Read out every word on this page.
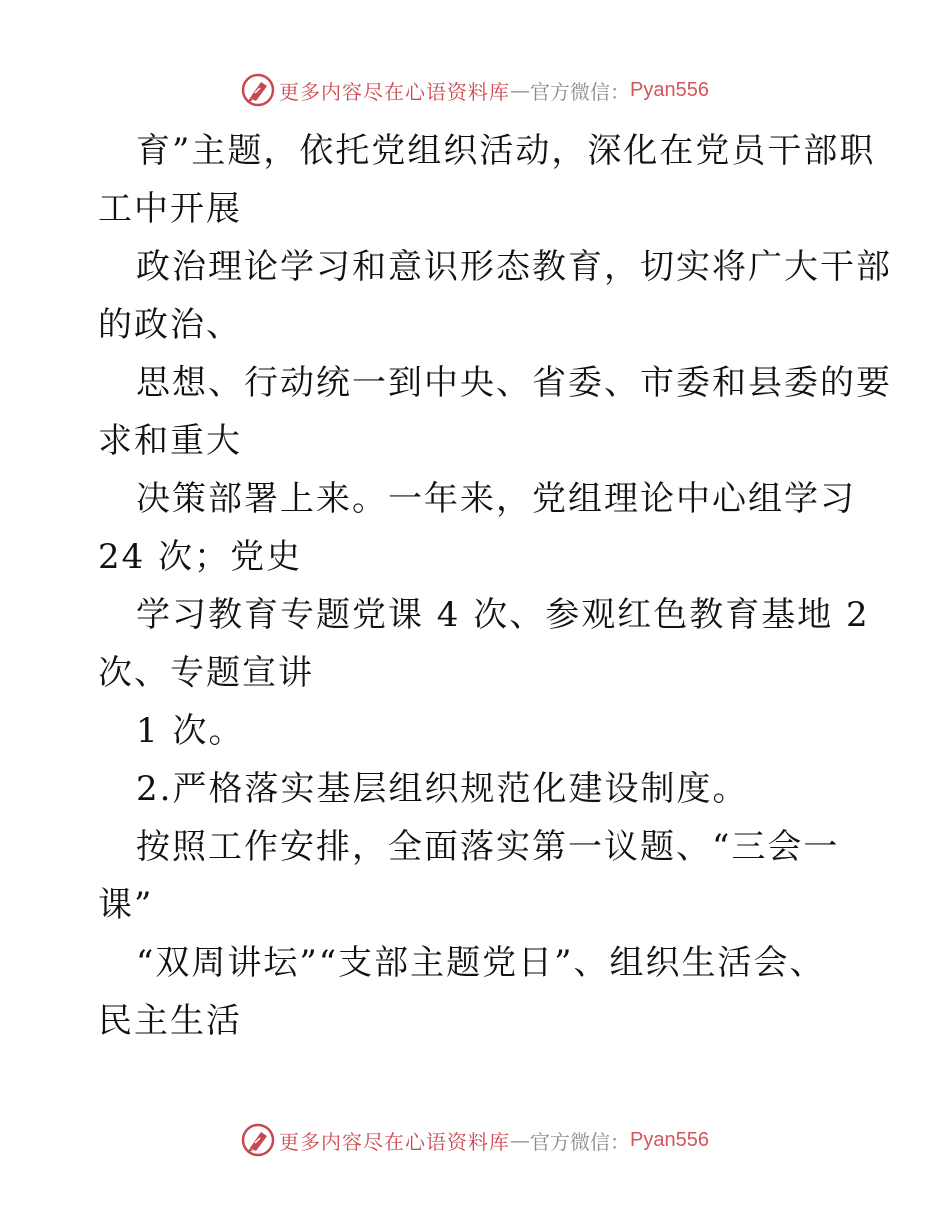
更多内容尽在心语资料库 — 官方微信： Pyan556
育”主题，依托党组织活动，深化在党员干部职
工中开展
政治理论学习和意识形态教育，切实将广大干部
的政治、
思想、行动统一到中央、省委、市委和县委的要
求和重大
决策部署上来。一年来，党组理论中心组学习
24 次；党史
学习教育专题党课 4 次、参观红色教育基地 2
次、专题宣讲
1 次。
2.严格落实基层组织规范化建设制度。
按照工作安排，全面落实第一议题、“三会一
课”
“双周讲坛”“支部主题党日”、组织生活会、
民主生活
更多内容尽在心语资料库 — 官方微信： Pyan556
